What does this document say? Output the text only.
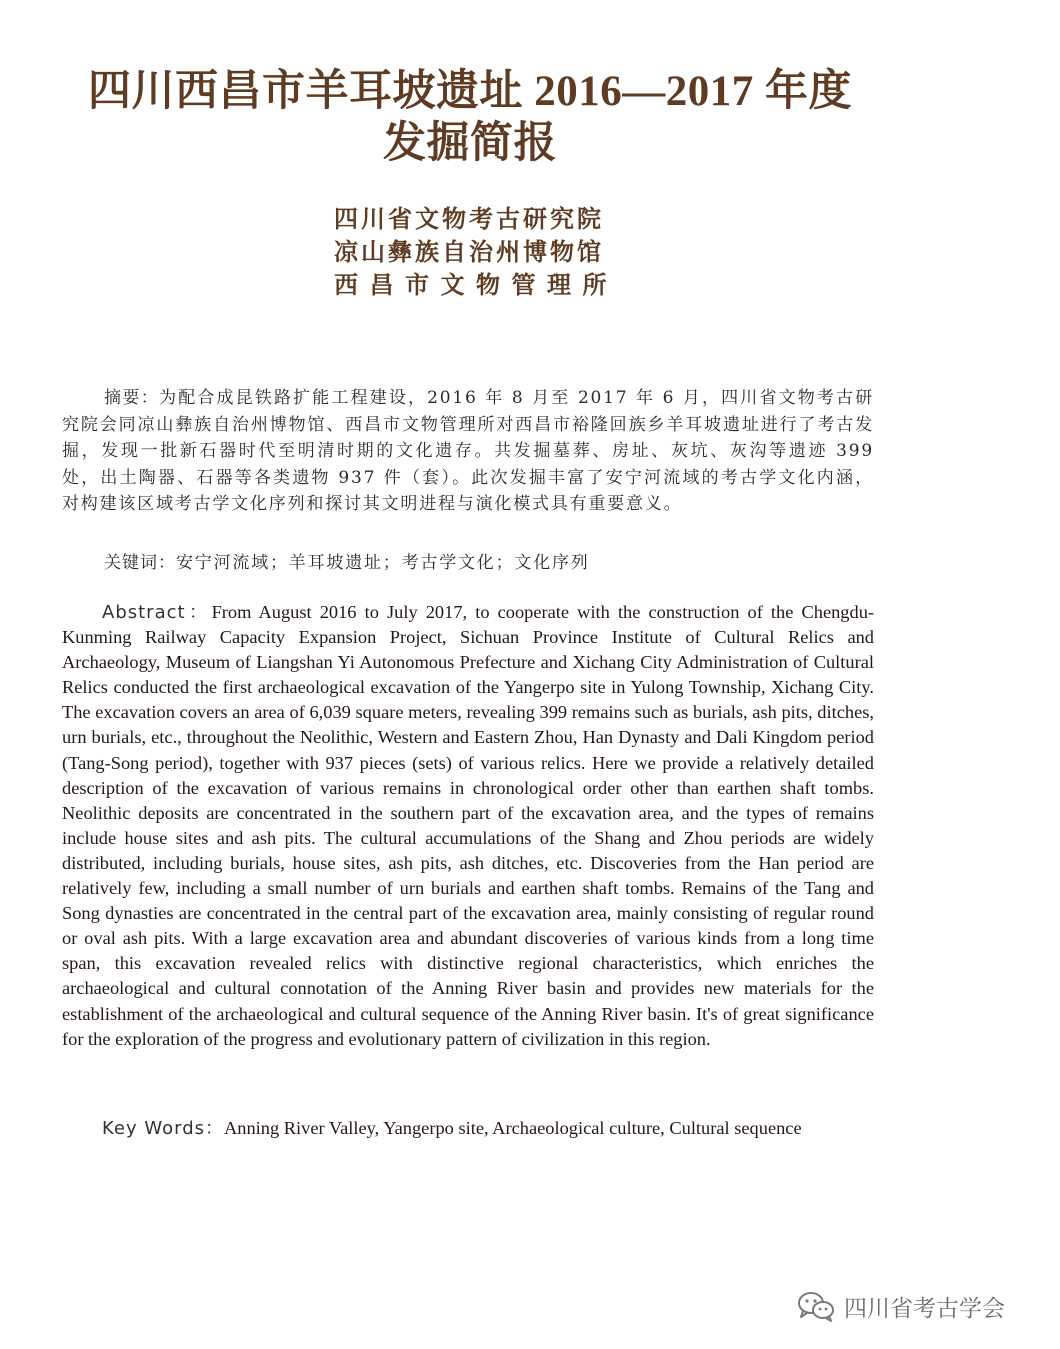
四川西昌市羊耳坡遗址 2016—2017 年度
发掘简报
四川省文物考古研究院
凉山彝族自治州博物馆
西昌市文物管理所

摘要：为配合成昆铁路扩能工程建设，2016 年 8 月至 2017 年 6 月，四川省文物考古研究院会同凉山彝族自治州博物馆、西昌市文物管理所对西昌市裕隆回族乡羊耳坡遗址进行了考古发掘，发现一批新石器时代至明清时期的文化遗存。共发掘墓葬、房址、灰坑、灰沟等遗迹 399 处，出土陶器、石器等各类遗物 937 件（套）。此次发掘丰富了安宁河流域的考古学文化内涵，对构建该区域考古学文化序列和探讨其文明进程与演化模式具有重要意义。

关键词：安宁河流域；羊耳坡遗址；考古学文化；文化序列

Abstract：From August 2016 to July 2017, to cooperate with the construction of the Chengdu-Kunming Railway Capacity Expansion Project, Sichuan Province Institute of Cultural Relics and Archaeology, Museum of Liangshan Yi Autonomous Prefecture and Xichang City Administration of Cultural Relics conducted the first archaeological excavation of the Yangerpo site in Yulong Township, Xichang City. The excavation covers an area of 6,039 square meters, revealing 399 remains such as burials, ash pits, ditches, urn burials, etc., throughout the Neolithic, Western and Eastern Zhou, Han Dynasty and Dali Kingdom period (Tang-Song period), together with 937 pieces (sets) of various relics. Here we provide a relatively detailed description of the excavation of various remains in chronological order other than earthen shaft tombs. Neolithic deposits are concentrated in the southern part of the excavation area, and the types of remains include house sites and ash pits. The cultural accumulations of the Shang and Zhou periods are widely distributed, including burials, house sites, ash pits, ash ditches, etc. Discoveries from the Han period are relatively few, including a small number of urn burials and earthen shaft tombs. Remains of the Tang and Song dynasties are concentrated in the central part of the excavation area, mainly consisting of regular round or oval ash pits. With a large excavation area and abundant discoveries of various kinds from a long time span, this excavation revealed relics with distinctive regional characteristics, which enriches the archaeological and cultural connotation of the Anning River basin and provides new materials for the establishment of the archaeological and cultural sequence of the Anning River basin. It's of great significance for the exploration of the progress and evolutionary pattern of civilization in this region.

Key Words：Anning River Valley, Yangerpo site, Archaeological culture, Cultural sequence

四川省考古学会
